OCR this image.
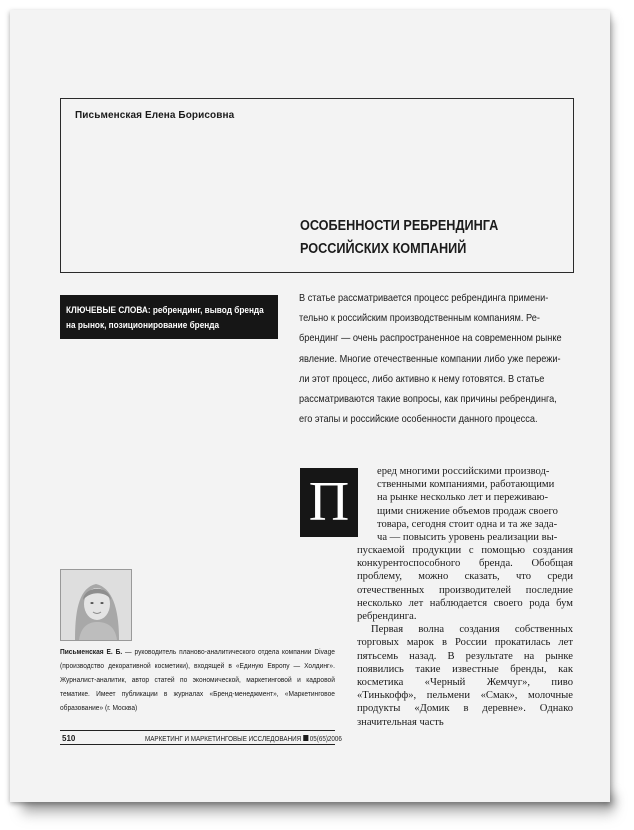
Письменская Елена Борисовна
ОСОБЕННОСТИ РЕБРЕНДИНГА
РОССИЙСКИХ КОМПАНИЙ
КЛЮЧЕВЫЕ СЛОВА: ребрендинг, вывод бренда
на рынок, позиционирование бренда
В статье рассматривается процесс ребрендинга примени-
тельно к российским производственным компаниям. Ре-
брендинг — очень распространенное на современном рынке
явление. Многие отечественные компании либо уже пережи-
ли этот процесс, либо активно к нему готовятся. В статье
рассматриваются такие вопросы, как причины ребрендинга,
его этапы и российские особенности данного процесса.
П	еред многими российскими производ-
ственными компаниями, работающими
на рынке несколько лет и переживаю-
щими снижение объемов продаж своего
товара, сегодня стоит одна и та же зада-
ча — повысить уровень реализации вы-

пускаемой продукции с помощью создания конкурентоспособного бренда. Обобщая проблему, можно сказать, что среди отечественных производителей последние несколько лет наблюдается своего рода бум ребрендинга.

Первая волна создания собственных торговых марок в России прокатилась лет пятьсемь назад. В результате на рынке появились такие известные бренды, как косметика «Черный Жемчуг», пиво «Тинькофф», пельмени «Смак», молочные продукты «Домик в деревне». Однако значительная часть

Письменская Е. Б. — руководитель планово-аналитического отдела компании Divage (производство декоративной косметики), входящей в «Единую Европу — Холдинг». Журналист-аналитик, автор статей по экономической, маркетинговой и кадровой тематике. Имеет публикации в журналах «Бренд-менеджмент», «Маркетинговое образование» (г. Москва)
510	МАРКЕТИНГ И МАРКЕТИНГОВЫЕ ИССЛЕДОВАНИЯ 05(65)2006
